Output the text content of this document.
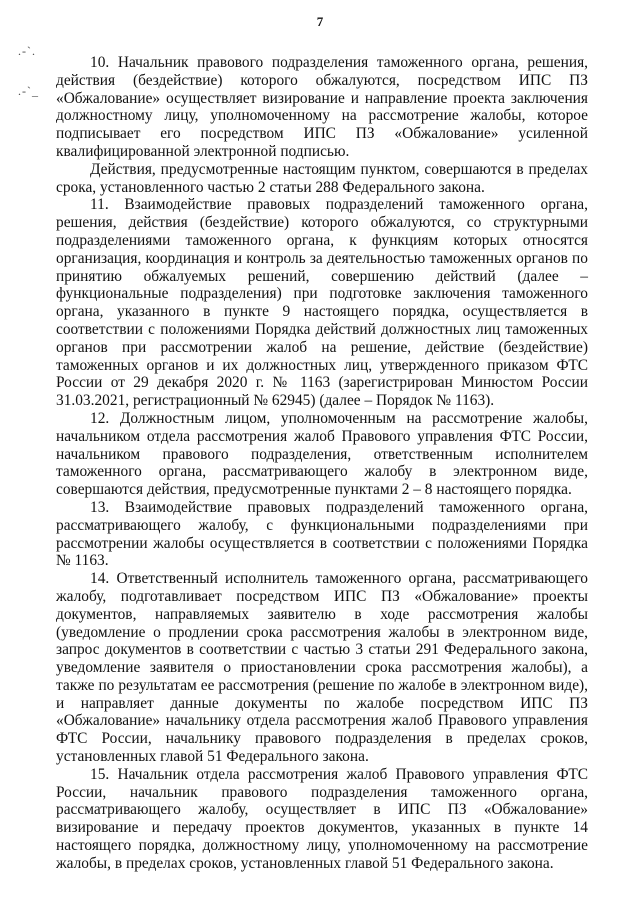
7
.-`.
.-`_

10. Начальник правового подразделения таможенного органа, решения, действия (бездействие) которого обжалуются, посредством ИПС ПЗ «Обжалование» осуществляет визирование и направление проекта заключения должностному лицу, уполномоченному на рассмотрение жалобы, которое подписывает его посредством ИПС ПЗ «Обжалование» усиленной квалифицированной электронной подписью.

Действия, предусмотренные настоящим пунктом, совершаются в пределах срока, установленного частью 2 статьи 288 Федерального закона.

11. Взаимодействие правовых подразделений таможенного органа, решения, действия (бездействие) которого обжалуются, со структурными подразделениями таможенного органа, к функциям которых относятся организация, координация и контроль за деятельностью таможенных органов по принятию обжалуемых решений, совершению действий (далее – функциональные подразделения) при подготовке заключения таможенного органа, указанного в пункте 9 настоящего порядка, осуществляется в соответствии с положениями Порядка действий должностных лиц таможенных органов при рассмотрении жалоб на решение, действие (бездействие) таможенных органов и их должностных лиц, утвержденного приказом ФТС России от 29 декабря 2020 г. № 1163 (зарегистрирован Минюстом России 31.03.2021, регистрационный № 62945) (далее – Порядок № 1163).

12. Должностным лицом, уполномоченным на рассмотрение жалобы, начальником отдела рассмотрения жалоб Правового управления ФТС России, начальником правового подразделения, ответственным исполнителем таможенного органа, рассматривающего жалобу в электронном виде, совершаются действия, предусмотренные пунктами 2 – 8 настоящего порядка.

13. Взаимодействие правовых подразделений таможенного органа, рассматривающего жалобу, с функциональными подразделениями при рассмотрении жалобы осуществляется в соответствии с положениями Порядка № 1163.

14. Ответственный исполнитель таможенного органа, рассматривающего жалобу, подготавливает посредством ИПС ПЗ «Обжалование» проекты документов, направляемых заявителю в ходе рассмотрения жалобы (уведомление о продлении срока рассмотрения жалобы в электронном виде, запрос документов в соответствии с частью 3 статьи 291 Федерального закона, уведомление заявителя о приостановлении срока рассмотрения жалобы), а также по результатам ее рассмотрения (решение по жалобе в электронном виде), и направляет данные документы по жалобе посредством ИПС ПЗ «Обжалование» начальнику отдела рассмотрения жалоб Правового управления ФТС России, начальнику правового подразделения в пределах сроков, установленных главой 51 Федерального закона.

15. Начальник отдела рассмотрения жалоб Правового управления ФТС России, начальник правового подразделения таможенного органа, рассматривающего жалобу, осуществляет в ИПС ПЗ «Обжалование» визирование и передачу проектов документов, указанных в пункте 14 настоящего порядка, должностному лицу, уполномоченному на рассмотрение жалобы, в пределах сроков, установленных главой 51 Федерального закона.
